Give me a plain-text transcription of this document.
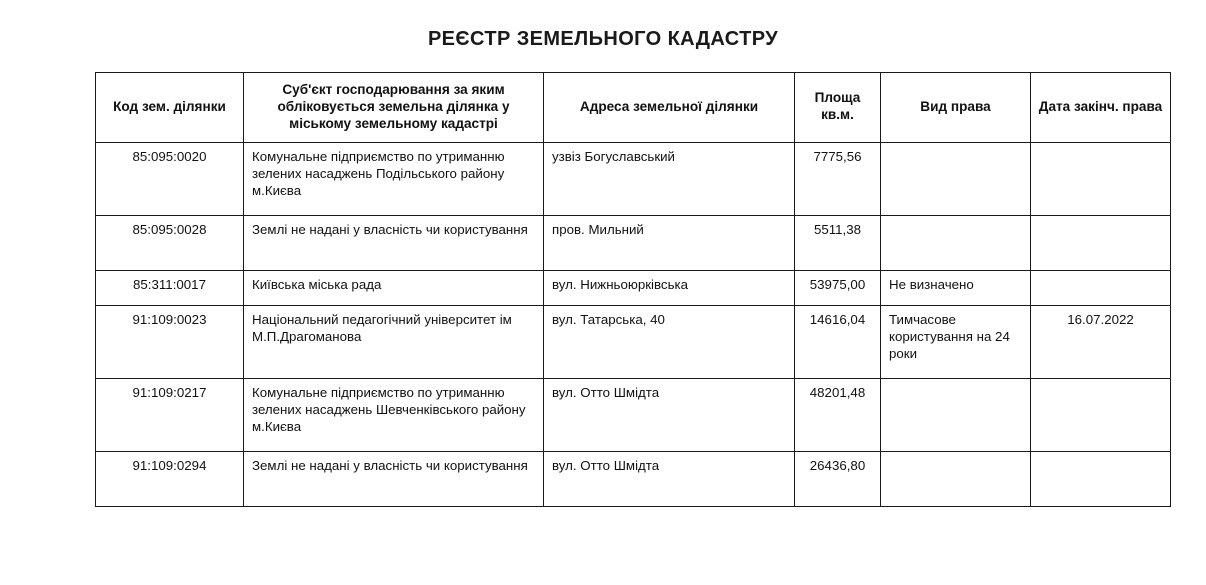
РЕЄСТР ЗЕМЕЛЬНОГО КАДАСТРУ
Код зем. ділянки	Суб'єкт господарювання за яким обліковується земельна ділянка у міському земельному кадастрі	Адреса земельної ділянки	Площа кв.м.	Вид права	Дата закінч. права
85:095:0020	Комунальне підприємство по утриманню зелених насаджень Подільського району м.Києва	узвіз Богуславський	7775,56		
85:095:0028	Землі не надані у власність чи користування	пров. Мильний	5511,38		
85:311:0017	Київська міська рада	вул. Нижньоюрківська	53975,00	Не визначено	
91:109:0023	Національний педагогічний університет ім М.П.Драгоманова	вул. Татарська, 40	14616,04	Тимчасове користування на 24 роки	16.07.2022
91:109:0217	Комунальне підприємство по утриманню зелених насаджень Шевченківського району м.Києва	вул. Отто Шмідта	48201,48		
91:109:0294	Землі не надані у власність чи користування	вул. Отто Шмідта	26436,80		
